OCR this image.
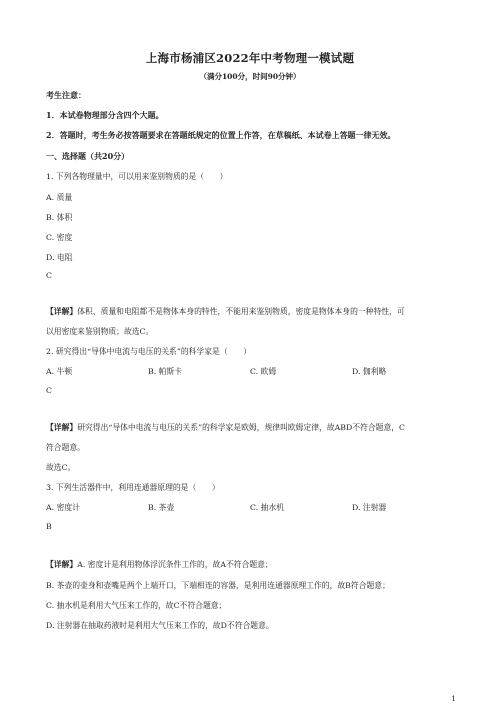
上海市杨浦区2022年中考物理一模试题
（满分100分，时间90分钟）
考生注意：
1．本试卷物理部分含四个大题。
2．答题时，考生务必按答题要求在答题纸规定的位置上作答，在草稿纸、本试卷上答题一律无效。
一、选择题（共20分）
1. 下列各物理量中，可以用来鉴别物质的是（　　）
A. 质量
B. 体积
C. 密度
D. 电阻
C
【详解】体积、质量和电阻都不是物体本身的特性，不能用来鉴别物质，密度是物体本身的一种特性，可
以用密度来鉴别物质；故选C。
2. 研究得出“导体中电流与电压的关系”的科学家是（　　）
A. 牛顿	B. 帕斯卡	C. 欧姆	D. 伽利略
C
【详解】研究得出“导体中电流与电压的关系”的科学家是欧姆，规律叫欧姆定律，故ABD不符合题意，C
符合题意。
故选C。
3. 下列生活器件中，利用连通器原理的是（　　）
A. 密度计	B. 茶壶	C. 抽水机	D. 注射器
B
【详解】A. 密度计是利用物体浮沉条件工作的，故A不符合题意；
B. 茶壶的壶身和壶嘴是两个上端开口，下端相连的容器，是利用连通器原理工作的，故B符合题意；
C. 抽水机是利用大气压来工作的，故C不符合题意；
D. 注射器在抽取药液时是利用大气压来工作的，故D不符合题意。
1
